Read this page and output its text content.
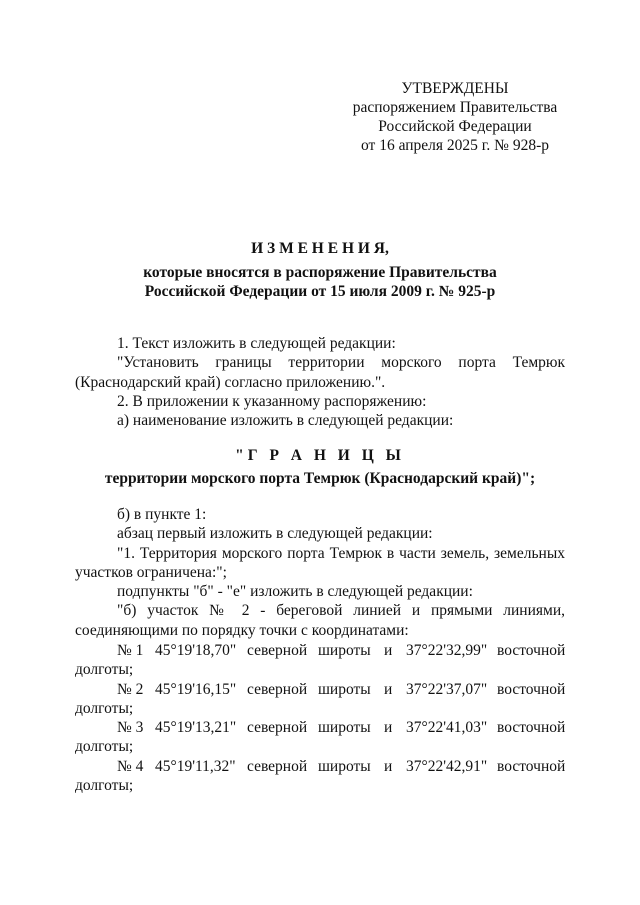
УТВЕРЖДЕНЫ
распоряжением Правительства
Российской Федерации
от 16 апреля 2025 г. № 928-р
И З М Е Н Е Н И Я,
которые вносятся в распоряжение Правительства
Российской Федерации от 15 июля 2009 г. № 925-р
1. Текст изложить в следующей редакции:
"Установить границы территории морского порта Темрюк
(Краснодарский край) согласно приложению.".
2. В приложении к указанному распоряжению:
а) наименование изложить в следующей редакции:
"Г Р А Н И Ц Ы
территории морского порта Темрюк (Краснодарский край)";
б) в пункте 1:
абзац первый изложить в следующей редакции:
"1. Территория морского порта Темрюк в части земель, земельных
участков ограничена:";
подпункты "б" - "е" изложить в следующей редакции:
"б) участок № 2 - береговой линией и прямыми линиями,
соединяющими по порядку точки с координатами:
№ 1 45°19'18,70" северной широты и 37°22'32,99" восточной
долготы;
№ 2 45°19'16,15" северной широты и 37°22'37,07" восточной
долготы;
№ 3 45°19'13,21" северной широты и 37°22'41,03" восточной
долготы;
№ 4 45°19'11,32" северной широты и 37°22'42,91" восточной
долготы;
